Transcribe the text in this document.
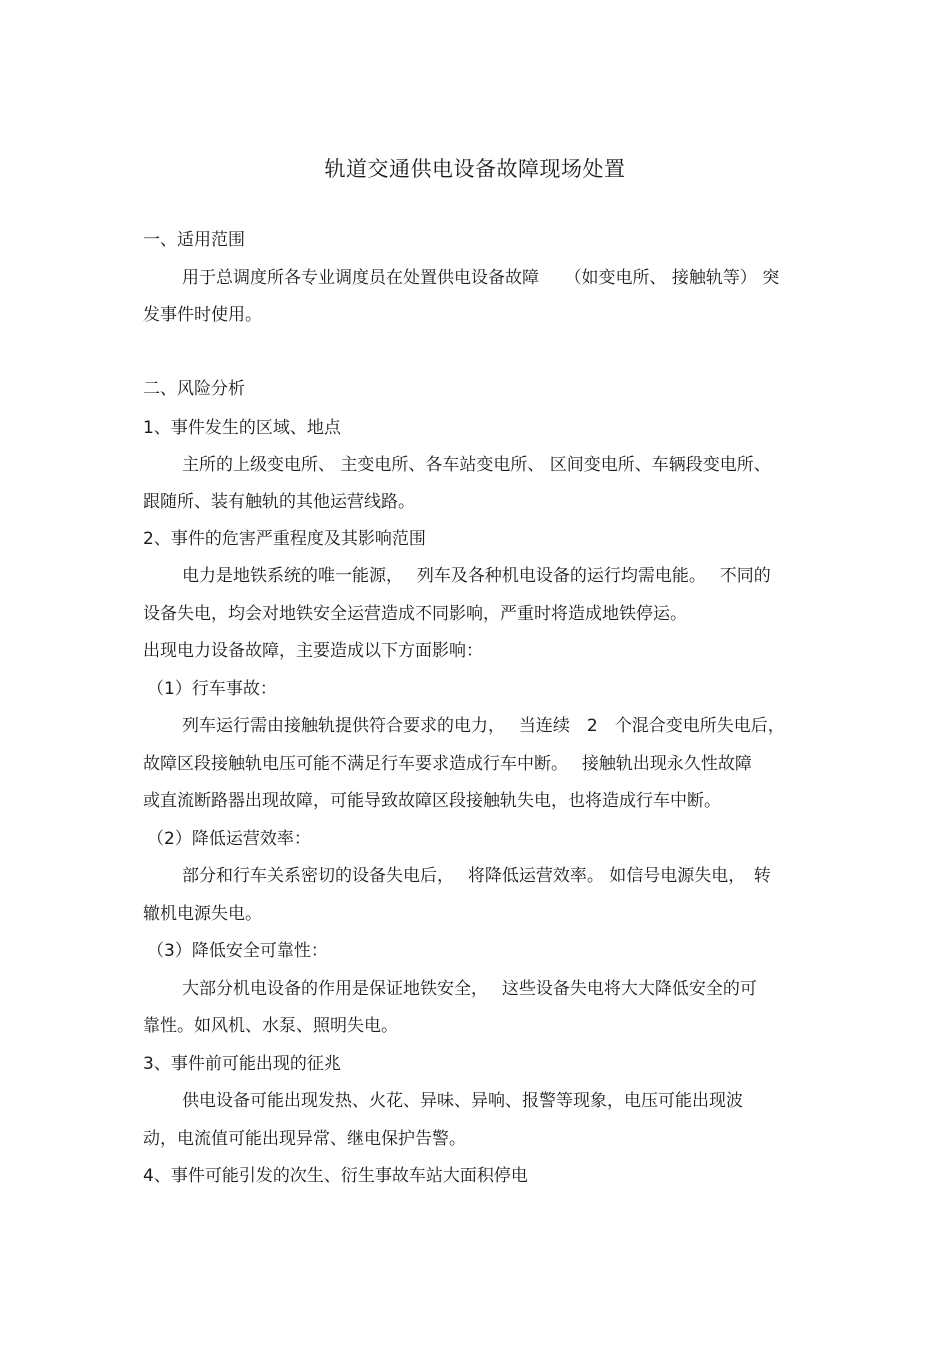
轨道交通供电设备故障现场处置
一、适用范围
用于总调度所各专业调度员在处置供电设备故障　　（如变电所、 接触轨等） 突
发事件时使用。
二、风险分析
1、事件发生的区域、地点
主所的上级变电所、 主变电所、各车站变电所、 区间变电所、车辆段变电所、
跟随所、装有触轨的其他运营线路。
2、事件的危害严重程度及其影响范围
电力是地铁系统的唯一能源，　 列车及各种机电设备的运行均需电能。　 不同的
设备失电，均会对地铁安全运营造成不同影响，严重时将造成地铁停运。
出现电力设备故障，主要造成以下方面影响：
（1）行车事故：
列车运行需由接触轨提供符合要求的电力，　 当连续　2　个混合变电所失电后，
故障区段接触轨电压可能不满足行车要求造成行车中断。　 接触轨出现永久性故障
或直流断路器出现故障，可能导致故障区段接触轨失电，也将造成行车中断。
（2）降低运营效率：
部分和行车关系密切的设备失电后，　 将降低运营效率。 如信号电源失电，　转
辙机电源失电。
（3）降低安全可靠性：
大部分机电设备的作用是保证地铁安全，　 这些设备失电将大大降低安全的可
靠性。如风机、水泵、照明失电。
3、事件前可能出现的征兆
供电设备可能出现发热、火花、异味、异响、报警等现象，电压可能出现波
动，电流值可能出现异常、继电保护告警。
4、事件可能引发的次生、衍生事故车站大面积停电
